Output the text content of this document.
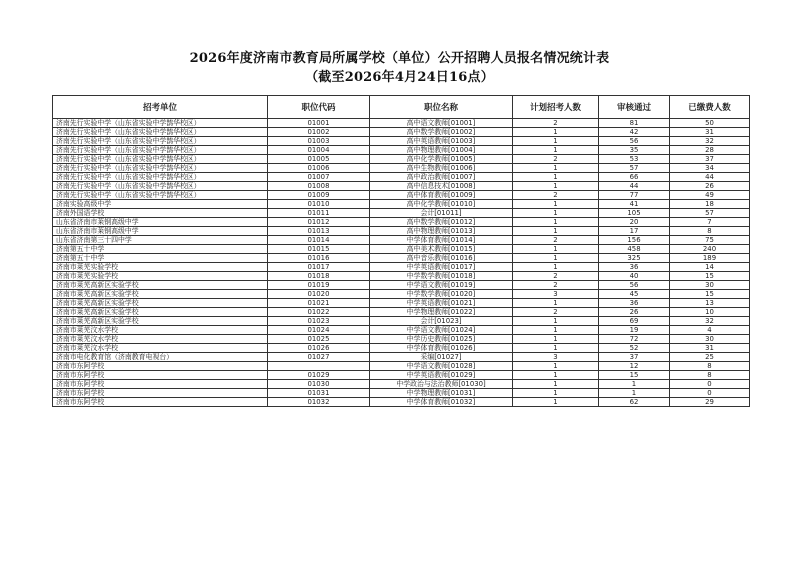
2026年度济南市教育局所属学校（单位）公开招聘人员报名情况统计表
（截至2026年4月24日16点）
招考单位	职位代码	职位名称	计划招考人数	审核通过	已缴费人数
济南先行实验中学（山东省实验中学鹊华校区）	01001	高中语文教师[01001]	2	81	50
济南先行实验中学（山东省实验中学鹊华校区）	01002	高中数学教师[01002]	1	42	31
济南先行实验中学（山东省实验中学鹊华校区）	01003	高中英语教师[01003]	1	56	32
济南先行实验中学（山东省实验中学鹊华校区）	01004	高中物理教师[01004]	1	35	28
济南先行实验中学（山东省实验中学鹊华校区）	01005	高中化学教师[01005]	2	53	37
济南先行实验中学（山东省实验中学鹊华校区）	01006	高中生物教师[01006]	1	57	34
济南先行实验中学（山东省实验中学鹊华校区）	01007	高中政治教师[01007]	1	66	44
济南先行实验中学（山东省实验中学鹊华校区）	01008	高中信息技术[01008]	1	44	26
济南先行实验中学（山东省实验中学鹊华校区）	01009	高中体育教师[01009]	2	77	49
济南实验高级中学	01010	高中化学教师[01010]	1	41	18
济南外国语学校	01011	会计[01011]	1	105	57
山东省济南市莱钢高级中学	01012	高中数学教师[01012]	1	20	7
山东省济南市莱钢高级中学	01013	高中物理教师[01013]	1	17	8
山东省济南第三十四中学	01014	中学体育教师[01014]	2	156	75
济南第五十中学	01015	高中美术教师[01015]	1	458	240
济南第五十中学	01016	高中音乐教师[01016]	1	325	189
济南市莱芜实验学校	01017	中学英语教师[01017]	1	36	14
济南市莱芜实验学校	01018	中学数学教师[01018]	2	40	15
济南市莱芜高新区实验学校	01019	中学语文教师[01019]	2	56	30
济南市莱芜高新区实验学校	01020	中学数学教师[01020]	3	45	15
济南市莱芜高新区实验学校	01021	中学英语教师[01021]	1	36	13
济南市莱芜高新区实验学校	01022	中学物理教师[01022]	2	26	10
济南市莱芜高新区实验学校	01023	会计[01023]	1	69	32
济南市莱芜汶水学校	01024	中学语文教师[01024]	1	19	4
济南市莱芜汶水学校	01025	中学历史教师[01025]	1	72	30
济南市莱芜汶水学校	01026	中学体育教师[01026]	1	52	31
济南市电化教育馆（济南教育电视台）	01027	采编[01027]	3	37	25
济南市东阿学校		中学语文教师[01028]	1	12	8
济南市东阿学校	01029	中学英语教师[01029]	1	15	8
济南市东阿学校	01030	中学政治与法治教师[01030]	1	1	0
济南市东阿学校	01031	中学物理教师[01031]	1	1	0
济南市东阿学校	01032	中学体育教师[01032]	1	62	29
